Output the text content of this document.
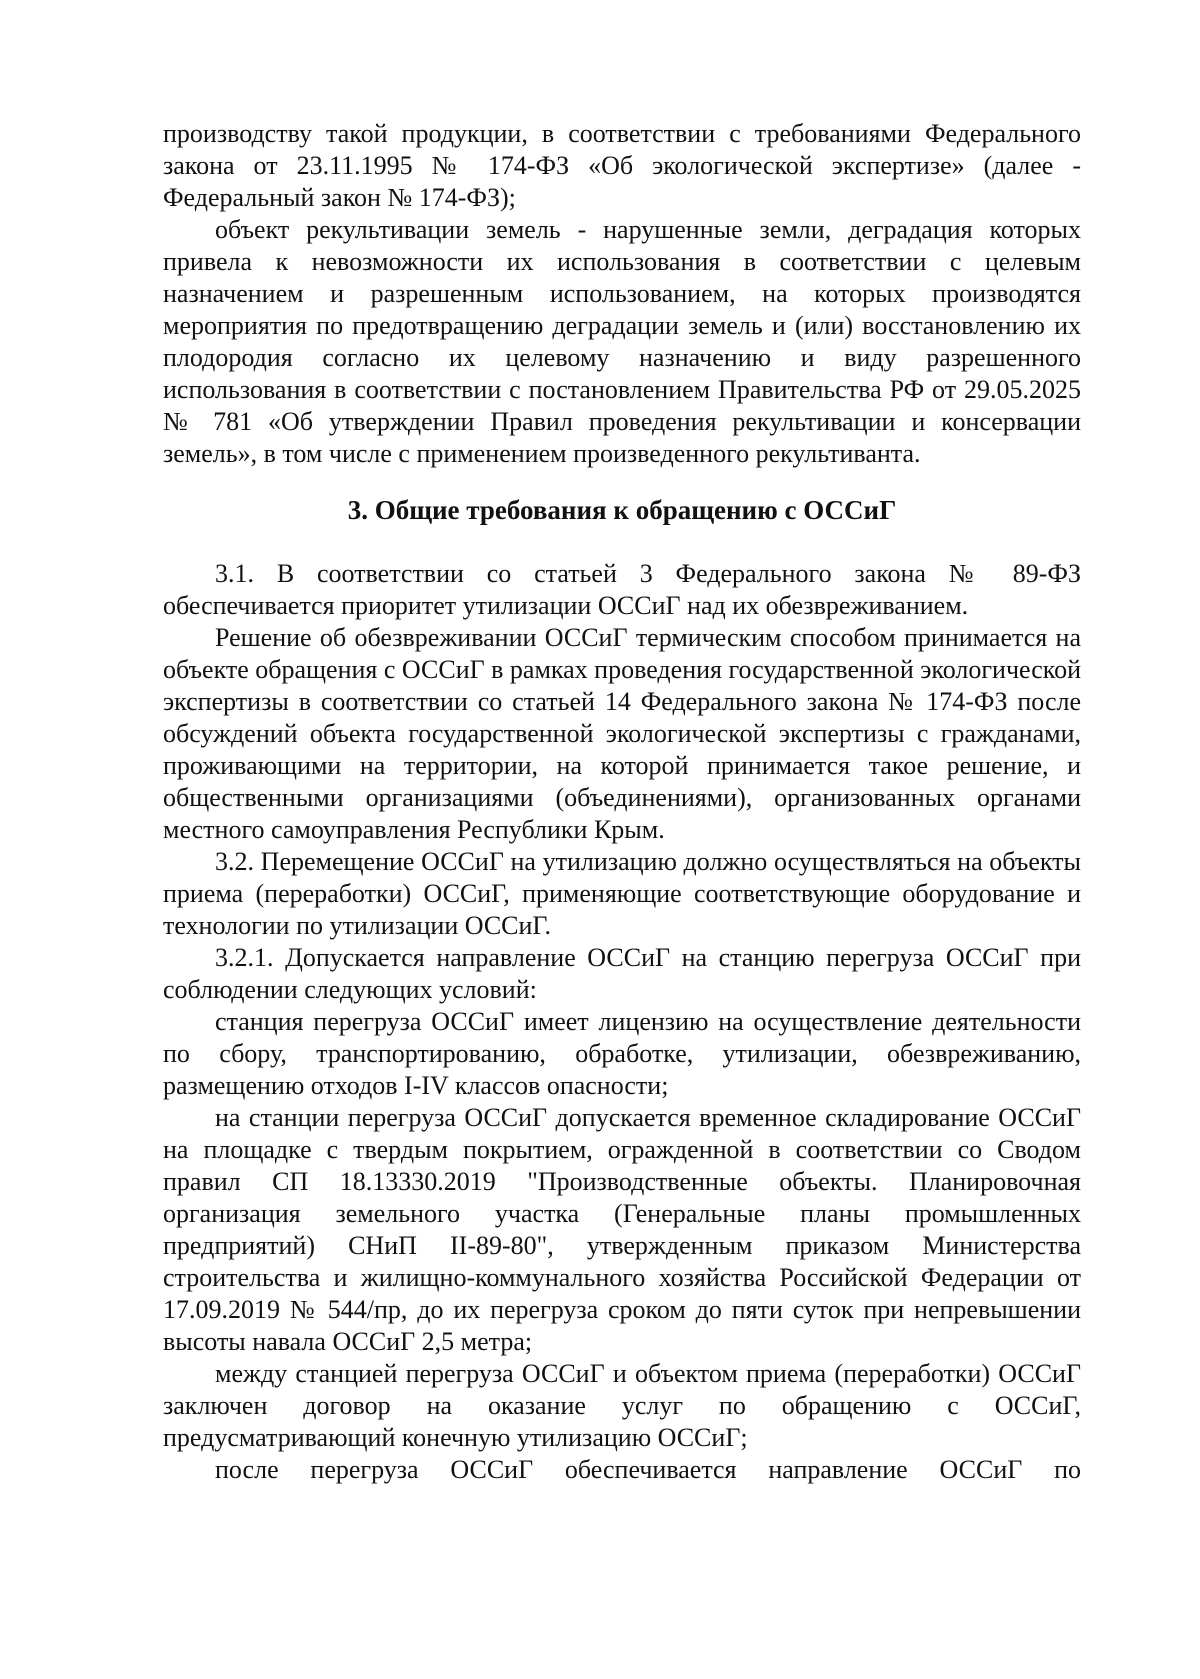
производству такой продукции, в соответствии с требованиями Федерального закона от 23.11.1995 № 174-ФЗ «Об экологической экспертизе» (далее - Федеральный закон № 174-ФЗ);

объект рекультивации земель - нарушенные земли, деградация которых привела к невозможности их использования в соответствии с целевым назначением и разрешенным использованием, на которых производятся мероприятия по предотвращению деградации земель и (или) восстановлению их плодородия согласно их целевому назначению и виду разрешенного использования в соответствии с постановлением Правительства РФ от 29.05.2025 № 781 «Об утверждении Правил проведения рекультивации и консервации земель», в том числе с применением произведенного рекультиванта.

3. Общие требования к обращению с ОССиГ

3.1. В соответствии со статьей 3 Федерального закона № 89-ФЗ обеспечивается приоритет утилизации ОССиГ над их обезвреживанием.

Решение об обезвреживании ОССиГ термическим способом принимается на объекте обращения с ОССиГ в рамках проведения государственной экологической экспертизы в соответствии со статьей 14 Федерального закона № 174-ФЗ после обсуждений объекта государственной экологической экспертизы с гражданами, проживающими на территории, на которой принимается такое решение, и общественными организациями (объединениями), организованных органами местного самоуправления Республики Крым.

3.2. Перемещение ОССиГ на утилизацию должно осуществляться на объекты приема (переработки) ОССиГ, применяющие соответствующие оборудование и технологии по утилизации ОССиГ.

3.2.1. Допускается направление ОССиГ на станцию перегруза ОССиГ при соблюдении следующих условий:

станция перегруза ОССиГ имеет лицензию на осуществление деятельности по сбору, транспортированию, обработке, утилизации, обезвреживанию, размещению отходов I-IV классов опасности;

на станции перегруза ОССиГ допускается временное складирование ОССиГ на площадке с твердым покрытием, огражденной в соответствии со Сводом правил СП 18.13330.2019 "Производственные объекты. Планировочная организация земельного участка (Генеральные планы промышленных предприятий) СНиП II-89-80", утвержденным приказом Министерства строительства и жилищно-коммунального хозяйства Российской Федерации от 17.09.2019 № 544/пр, до их перегруза сроком до пяти суток при непревышении высоты навала ОССиГ 2,5 метра;

между станцией перегруза ОССиГ и объектом приема (переработки) ОССиГ заключен договор на оказание услуг по обращению с ОССиГ, предусматривающий конечную утилизацию ОССиГ;

после перегруза ОССиГ обеспечивается направление ОССиГ по
